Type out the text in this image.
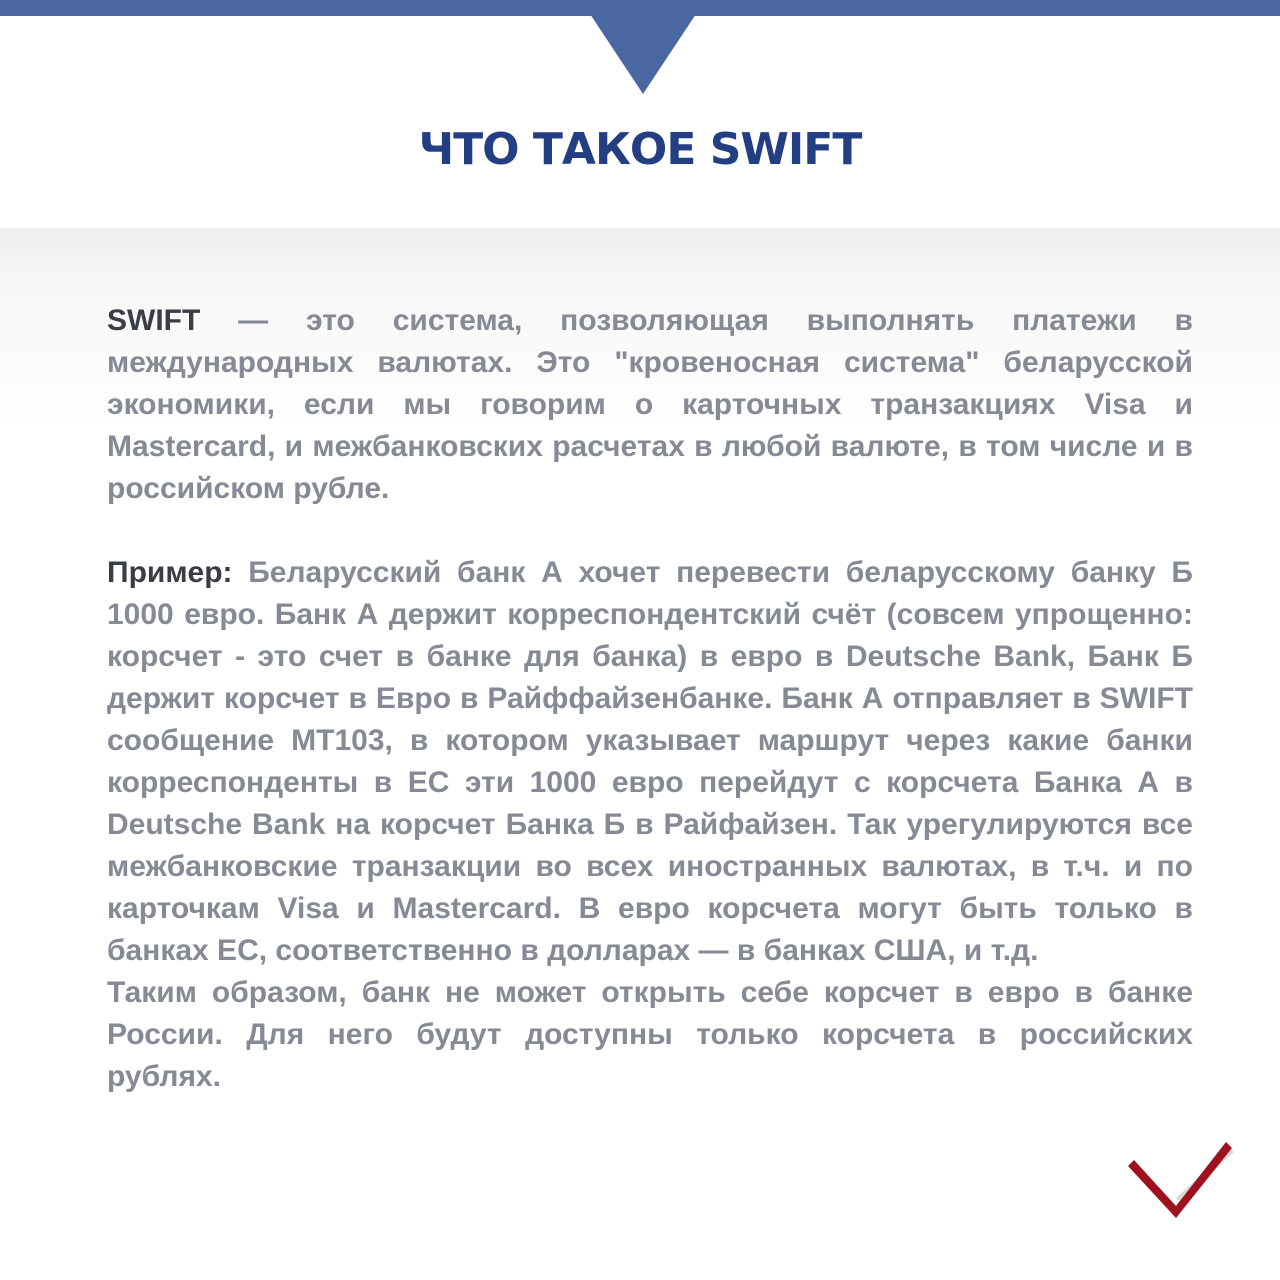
ЧТО ТАКОЕ SWIFT

SWIFT — это система, позволяющая выполнять платежи в международных валютах. Это "кровеносная система" беларусской экономики, если мы говорим о карточных транзакциях Visa и Mastercard, и межбанковских расчетах в любой валюте, в том числе и в российском рубле.

Пример: Беларусский банк А хочет перевести беларусскому банку Б 1000 евро. Банк А держит корреспондентский счёт (совсем упрощенно: корсчет - это счет в банке для банка) в евро в Deutsche Bank, Банк Б держит корсчет в Евро в Райффайзенбанке. Банк А отправляет в SWIFT сообщение MT103, в котором указывает маршрут через какие банки корреспонденты в ЕС эти 1000 евро перейдут с корсчета Банка А в Deutsche Bank на корсчет Банка Б в Райфайзен. Так урегулируются все межбанковские транзакции во всех иностранных валютах, в т.ч. и по карточкам Visa и Mastercard. В евро корсчета могут быть только в банках ЕС, соответственно в долларах — в банках США, и т.д.

Таким образом, банк не может открыть себе корсчет в евро в банке России. Для него будут доступны только корсчета в российских рублях.
